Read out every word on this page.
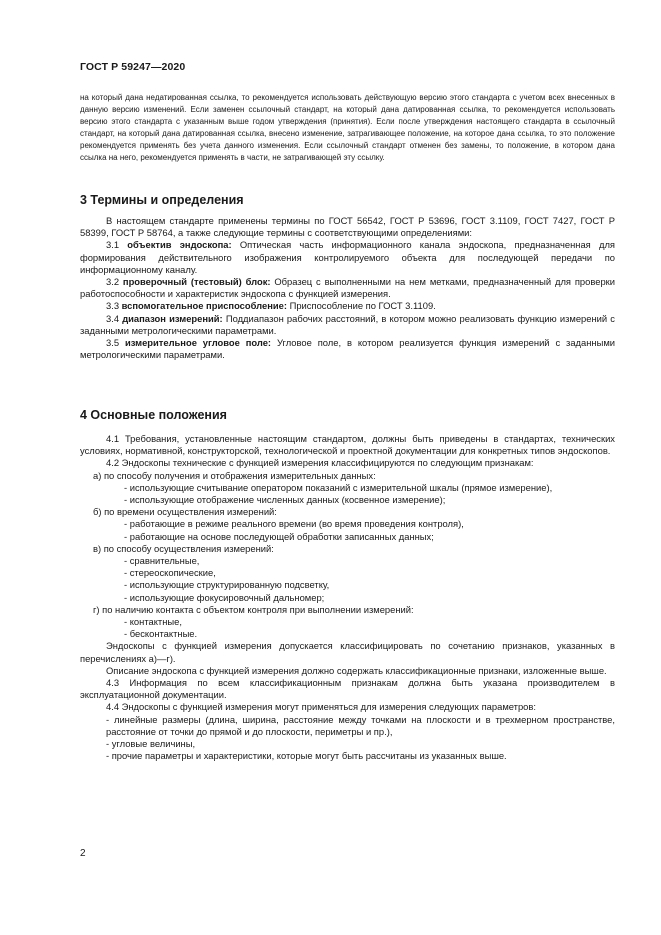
ГОСТ Р 59247—2020
на который дана недатированная ссылка, то рекомендуется использовать действующую версию этого стандарта с учетом всех внесенных в данную версию изменений. Если заменен ссылочный стандарт, на который дана датированная ссылка, то рекомендуется использовать версию этого стандарта с указанным выше годом утверждения (принятия). Если после утверждения настоящего стандарта в ссылочный стандарт, на который дана датированная ссылка, внесено изменение, затрагивающее положение, на которое дана ссылка, то это положение рекомендуется применять без учета данного изменения. Если ссылочный стандарт отменен без замены, то положение, в котором дана ссылка на него, рекомендуется применять в части, не затрагивающей эту ссылку.
3 Термины и определения

В настоящем стандарте применены термины по ГОСТ 56542, ГОСТ Р 53696, ГОСТ 3.1109, ГОСТ 7427, ГОСТ Р 58399, ГОСТ Р 58764, а также следующие термины с соответствующими определениями:

3.1 объектив эндоскопа: Оптическая часть информационного канала эндоскопа, предназначенная для формирования действительного изображения контролируемого объекта для последующей передачи по информационному каналу.

3.2 проверочный (тестовый) блок: Образец с выполненными на нем метками, предназначенный для проверки работоспособности и характеристик эндоскопа с функцией измерения.

3.3 вспомогательное приспособление: Приспособление по ГОСТ 3.1109.

3.4 диапазон измерений: Поддиапазон рабочих расстояний, в котором можно реализовать функцию измерений с заданными метрологическими параметрами.

3.5 измерительное угловое поле: Угловое поле, в котором реализуется функция измерений с заданными метрологическими параметрами.

4 Основные положения

4.1 Требования, установленные настоящим стандартом, должны быть приведены в стандартах, технических условиях, нормативной, конструкторской, технологической и проектной документации для конкретных типов эндоскопов.

4.2 Эндоскопы технические с функцией измерения классифицируются по следующим признакам:

а) по способу получения и отображения измерительных данных:

- использующие считывание оператором показаний с измерительной шкалы (прямое измерение),

- использующие отображение численных данных (косвенное измерение);

б) по времени осуществления измерений:

- работающие в режиме реального времени (во время проведения контроля),

- работающие на основе последующей обработки записанных данных;

в) по способу осуществления измерений:

- сравнительные,

- стереоскопические,

- использующие структурированную подсветку,

- использующие фокусировочный дальномер;

г) по наличию контакта с объектом контроля при выполнении измерений:

- контактные,

- бесконтактные.

Эндоскопы с функцией измерения допускается классифицировать по сочетанию признаков, указанных в перечислениях а)—г).

Описание эндоскопа с функцией измерения должно содержать классификационные признаки, изложенные выше.

4.3 Информация по всем классификационным признакам должна быть указана производителем в эксплуатационной документации.

4.4 Эндоскопы с функцией измерения могут применяться для измерения следующих параметров:

- линейные размеры (длина, ширина, расстояние между точками на плоскости и в трехмерном пространстве, расстояние от точки до прямой и до плоскости, периметры и пр.),

- угловые величины,

- прочие параметры и характеристики, которые могут быть рассчитаны из указанных выше.

2
